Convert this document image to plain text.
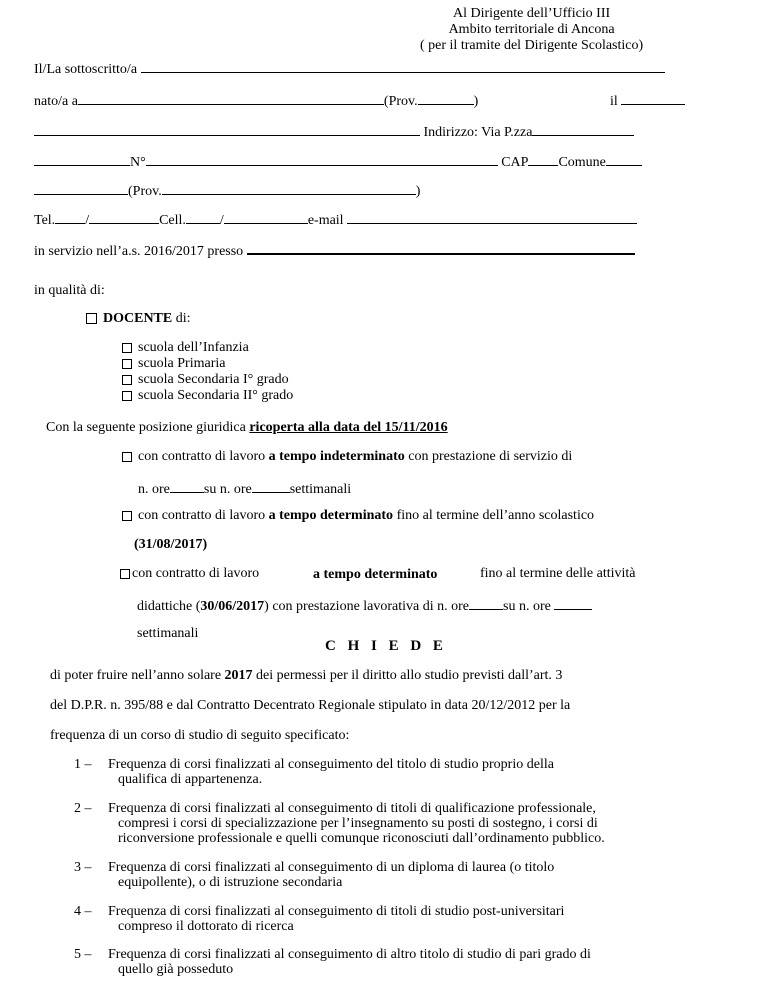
Al Dirigente dell’Ufficio III
Ambito territoriale di Ancona
( per il tramite del Dirigente Scolastico)
Il/La sottoscritto/a
nato/a a	(Prov.	)	il
Indirizzo: Via P.zza
N°	CAP Comune
(Prov.	)
Tel. /	Cell. /	e-mail
in servizio nell’a.s. 2016/2017 presso
in qualità di:
DOCENTE di:
scuola dell’Infanzia
scuola Primaria
scuola Secondaria I° grado
scuola Secondaria II° grado
Con la seguente posizione giuridica ricoperta alla data del 15/11/2016
con contratto di lavoro a tempo indeterminato con prestazione di servizio di
n. ore su n. ore	settimanali
con contratto di lavoro a tempo determinato fino al termine dell’anno scolastico
(31/08/2017)
con contratto di lavoro	a tempo determinato	fino al termine delle attività
didattiche (30/06/2017) con prestazione lavorativa di n. ore su n. ore
settimanali
C H I E D E
di poter fruire nell’anno solare 2017 dei permessi per il diritto allo studio previsti dall’art. 3
del D.P.R. n. 395/88 e dal Contratto Decentrato Regionale stipulato in data 20/12/2012 per la
frequenza di un corso di studio di seguito specificato:
1 – Frequenza di corsi finalizzati al conseguimento del titolo di studio proprio della
qualifica di appartenenza.
2 – Frequenza di corsi finalizzati al conseguimento di titoli di qualificazione professionale,
compresi i corsi di specializzazione per l’insegnamento su posti di sostegno, i corsi di
riconversione professionale e quelli comunque riconosciuti dall’ordinamento pubblico.
3 – Frequenza di corsi finalizzati al conseguimento di un diploma di laurea (o titolo
equipollente), o di istruzione secondaria
4 – Frequenza di corsi finalizzati al conseguimento di titoli di studio post-universitari
compreso il dottorato di ricerca
5 – Frequenza di corsi finalizzati al conseguimento di altro titolo di studio di pari grado di
quello già posseduto
